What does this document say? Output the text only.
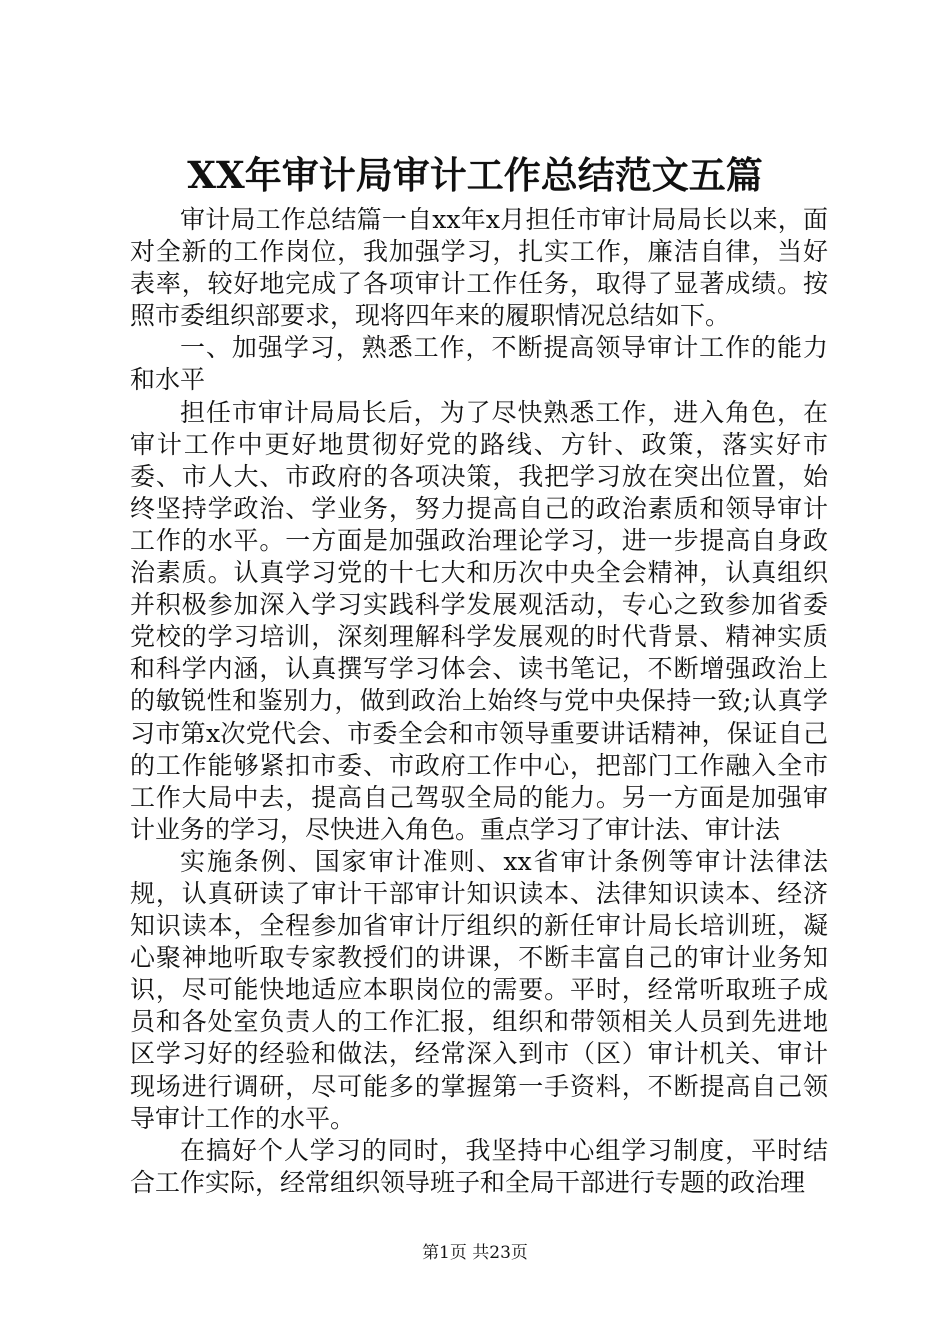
XX年审计局审计工作总结范文五篇

审计局工作总结篇一自xx年x月担任市审计局局长以来，面对全新的工作岗位，我加强学习，扎实工作，廉洁自律，当好表率，较好地完成了各项审计工作任务，取得了显著成绩。按照市委组织部要求，现将四年来的履职情况总结如下。

一、加强学习，熟悉工作，不断提高领导审计工作的能力和水平

担任市审计局局长后，为了尽快熟悉工作，进入角色，在审计工作中更好地贯彻好党的路线、方针、政策，落实好市委、市人大、市政府的各项决策，我把学习放在突出位置，始终坚持学政治、学业务，努力提高自己的政治素质和领导审计工作的水平。一方面是加强政治理论学习，进一步提高自身政治素质。认真学习党的十七大和历次中央全会精神，认真组织并积极参加深入学习实践科学发展观活动，专心之致参加省委党校的学习培训，深刻理解科学发展观的时代背景、精神实质和科学内涵，认真撰写学习体会、读书笔记，不断增强政治上的敏锐性和鉴别力，做到政治上始终与党中央保持一致;认真学习市第x次党代会、市委全会和市领导重要讲话精神，保证自己的工作能够紧扣市委、市政府工作中心，把部门工作融入全市工作大局中去，提高自己驾驭全局的能力。另一方面是加强审计业务的学习，尽快进入角色。重点学习了审计法、审计法

实施条例、国家审计准则、xx省审计条例等审计法律法规，认真研读了审计干部审计知识读本、法律知识读本、经济知识读本，全程参加省审计厅组织的新任审计局长培训班，凝心聚神地听取专家教授们的讲课，不断丰富自己的审计业务知识，尽可能快地适应本职岗位的需要。平时，经常听取班子成员和各处室负责人的工作汇报，组织和带领相关人员到先进地区学习好的经验和做法，经常深入到市（区）审计机关、审计现场进行调研，尽可能多的掌握第一手资料，不断提高自己领导审计工作的水平。

在搞好个人学习的同时，我坚持中心组学习制度，平时结合工作实际，经常组织领导班子和全局干部进行专题的政治理

第1页 共23页
